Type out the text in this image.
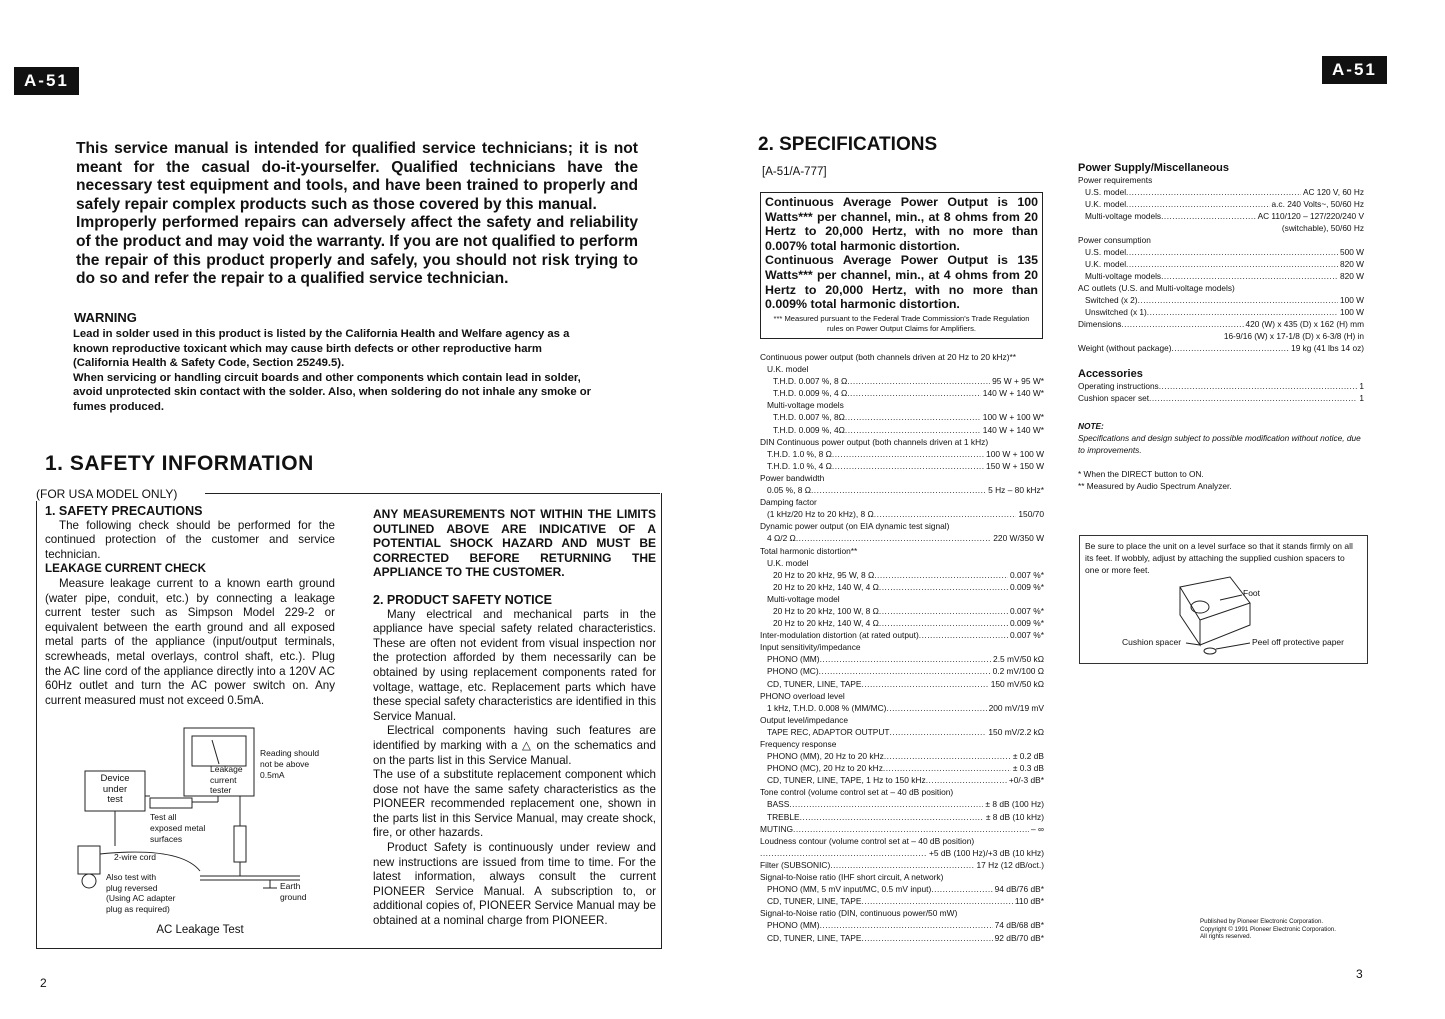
A-51

This service manual is intended for qualified service technicians; it is not meant for the casual do-it-yourselfer. Qualified technicians have the necessary test equipment and tools, and have been trained to properly and safely repair complex products such as those covered by this manual.

Improperly performed repairs can adversely affect the safety and reliability of the product and may void the warranty. If you are not qualified to perform the repair of this product properly and safely, you should not risk trying to do so and refer the repair to a qualified service technician.

WARNING

Lead in solder used in this product is listed by the California Health and Welfare agency as a known reproductive toxicant which may cause birth defects or other reproductive harm (California Health & Safety Code, Section 25249.5).

When servicing or handling circuit boards and other components which contain lead in solder, avoid unprotected skin contact with the solder. Also, when soldering do not inhale any smoke or fumes produced.

1. SAFETY INFORMATION
(FOR USA MODEL ONLY)
1. SAFETY PRECAUTIONS

The following check should be performed for the continued protection of the customer and service technician.

LEAKAGE CURRENT CHECK

Measure leakage current to a known earth ground (water pipe, conduit, etc.) by connecting a leakage current tester such as Simpson Model 229-2 or equivalent between the earth ground and all exposed metal parts of the appliance (input/output terminals, screwheads, metal overlays, control shaft, etc.). Plug the AC line cord of the appliance directly into a 120V AC 60Hz outlet and turn the AC power switch on. Any current measured must not exceed 0.5mA.

Device
under
test
Leakage
current
tester
Reading should
not be above
0.5mA
Test all
exposed metal
surfaces
2-wire cord
Also test with
plug reversed
(Using AC adapter
plug as required)
Earth
ground
AC Leakage Test

ANY MEASUREMENTS NOT WITHIN THE LIMITS OUTLINED ABOVE ARE INDICATIVE OF A POTENTIAL SHOCK HAZARD AND MUST BE CORRECTED BEFORE RETURNING THE APPLIANCE TO THE CUSTOMER.

2. PRODUCT SAFETY NOTICE

Many electrical and mechanical parts in the appliance have special safety related characteristics. These are often not evident from visual inspection nor the protection afforded by them necessarily can be obtained by using replacement components rated for voltage, wattage, etc. Replacement parts which have these special safety characteristics are identified in this Service Manual.

Electrical components having such features are identified by marking with a △ on the schematics and on the parts list in this Service Manual.

The use of a substitute replacement component which dose not have the same safety characteristics as the PIONEER recommended replacement one, shown in the parts list in this Service Manual, may create shock, fire, or other hazards.

Product Safety is continuously under review and new instructions are issued from time to time. For the latest information, always consult the current PIONEER Service Manual. A subscription to, or additional copies of, PIONEER Service Manual may be obtained at a nominal charge from PIONEER.

2
A-51
2. SPECIFICATIONS
[A-51/A-777]

Continuous Average Power Output is 100 Watts*** per channel, min., at 8 ohms from 20 Hertz to 20,000 Hertz, with no more than 0.007% total harmonic distortion.

Continuous Average Power Output is 135 Watts*** per channel, min., at 4 ohms from 20 Hertz to 20,000 Hertz, with no more than 0.009% total harmonic distortion.

*** Measured pursuant to the Federal Trade Commission's Trade Regulation rules on Power Output Claims for Amplifiers.

Continuous power output (both channels driven at 20 Hz to 20 kHz)**
U.K. model
T.H.D. 0.007 %, 8 Ω .....	95 W + 95 W*
T.H.D. 0.009 %, 4 Ω .....	140 W + 140 W*
Multi-voltage models
T.H.D. 0.007 %, 8Ω .....	100 W + 100 W*
T.H.D. 0.009 %, 4Ω .....	140 W + 140 W*
DIN Continuous power output (both channels driven at 1 kHz)
T.H.D. 1.0 %, 8 Ω .....	100 W + 100 W
T.H.D. 1.0 %, 4 Ω .....	150 W + 150 W
Power bandwidth
0.05 %, 8 Ω .....	5 Hz – 80 kHz*
Damping factor
(1 kHz/20 Hz to 20 kHz), 8 Ω .....	150/70
Dynamic power output (on EIA dynamic test signal)
4 Ω/2 Ω .....	220 W/350 W
Total harmonic distortion**
U.K. model
20 Hz to 20 kHz, 95 W, 8 Ω .....	0.007 %*
20 Hz to 20 kHz, 140 W, 4 Ω .....	0.009 %*
Multi-voltage model
20 Hz to 20 kHz, 100 W, 8 Ω .....	0.007 %*
20 Hz to 20 kHz, 140 W, 4 Ω .....	0.009 %*
Inter-modulation distortion (at rated output) .....	0.007 %*
Input sensitivity/impedance
PHONO (MM) .....	2.5 mV/50 kΩ
PHONO (MC) .....	0.2 mV/100 Ω
CD, TUNER, LINE, TAPE .....	150 mV/50 kΩ
PHONO overload level
1 kHz, T.H.D. 0.008 % (MM/MC) .....	200 mV/19 mV
Output level/impedance
TAPE REC, ADAPTOR OUTPUT .....	150 mV/2.2 kΩ
Frequency response
PHONO (MM), 20 Hz to 20 kHz .....	± 0.2 dB
PHONO (MC), 20 Hz to 20 kHz .....	± 0.3 dB
CD, TUNER, LINE, TAPE, 1 Hz to 150 kHz .....	+0/-3 dB*
Tone control (volume control set at – 40 dB position)
BASS .....	± 8 dB (100 Hz)
TREBLE .....	± 8 dB (10 kHz)
MUTING .....	– ∞
Loudness contour (volume control set at – 40 dB position)
.....
+5 dB (100 Hz)/+3 dB (10 kHz)
Filter (SUBSONIC) .....	17 Hz (12 dB/oct.)
Signal-to-Noise ratio (IHF short circuit, A network)
PHONO (MM, 5 mV input/MC, 0.5 mV input) .....	94 dB/76 dB*
CD, TUNER, LINE, TAPE .....	110 dB*
Signal-to-Noise ratio (DIN, continuous power/50 mW)
PHONO (MM) .....	74 dB/68 dB*
CD, TUNER, LINE, TAPE .....	92 dB/70 dB*
Power Supply/Miscellaneous
Power requirements
U.S. model .....	AC 120 V, 60 Hz
U.K. model .....	a.c. 240 Volts~, 50/60 Hz
Multi-voltage models .....	AC 110/120 – 127/220/240 V
(switchable), 50/60 Hz
Power consumption
U.S. model .....	500 W
U.K. model .....	820 W
Multi-voltage models .....	820 W
AC outlets (U.S. and Multi-voltage models)
Switched (x 2) .....	100 W
Unswitched (x 1) .....	100 W
Dimensions .....	420 (W) x 435 (D) x 162 (H) mm
16-9/16 (W) x 17-1/8 (D) x 6-3/8 (H) in
Weight (without package) .....	19 kg (41 lbs 14 oz)
Accessories
Operating instructions .....	1
Cushion spacer set .....	1
NOTE:
Specifications and design subject to possible modification without notice, due to improvements.
* When the DIRECT button to ON.
** Measured by Audio Spectrum Analyzer.
Be sure to place the unit on a level surface so that it stands firmly on all its feet. If wobbly, adjust by attaching the supplied cushion spacers to one or more feet.
Foot
Cushion spacer	Peel off protective paper
Published by Pioneer Electronic Corporation.
Copyright © 1991 Pioneer Electronic Corporation.
All rights reserved.
3
